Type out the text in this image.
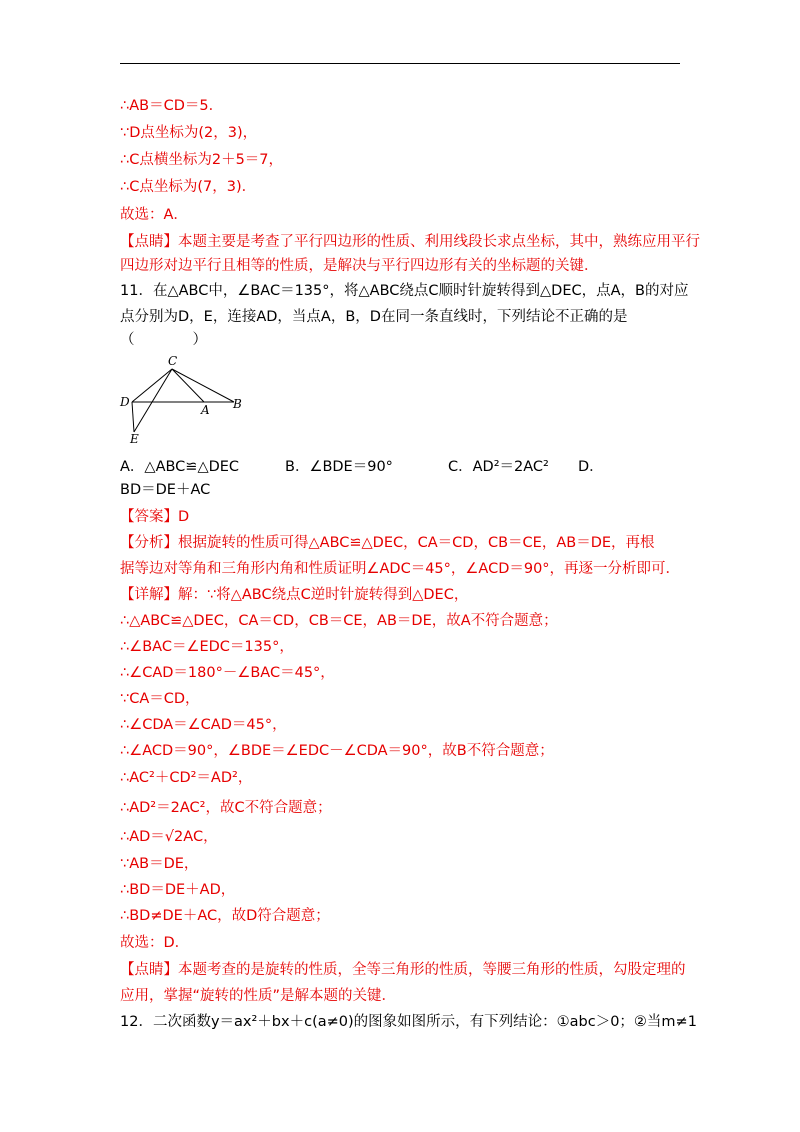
∴AB＝CD＝5．
∵D点坐标为(2，3)，
∴C点横坐标为2＋5＝7，
∴C点坐标为(7，3)．
故选：A．
【点睛】本题主要是考查了平行四边形的性质、利用线段长求点坐标，其中，熟练应用平行
四边形对边平行且相等的性质，是解决与平行四边形有关的坐标题的关键．
11．在△ABC中，∠BAC＝135°，将△ABC绕点C顺时针旋转得到△DEC，点A，B的对应
点分别为D，E，连接AD，当点A，B，D在同一条直线时，下列结论不正确的是
（　　　　）
C
D
A B
E
A．△ABC≌△DEC	B．∠BDE＝90°	C．AD²＝2AC² D．
BD＝DE＋AC
【答案】D
【分析】根据旋转的性质可得△ABC≌△DEC，CA＝CD，CB＝CE，AB＝DE，再根
据等边对等角和三角形内角和性质证明∠ADC＝45°，∠ACD＝90°，再逐一分析即可．
【详解】解：∵将△ABC绕点C逆时针旋转得到△DEC，
∴△ABC≌△DEC，CA＝CD，CB＝CE，AB＝DE，故A不符合题意；
∴∠BAC＝∠EDC＝135°，
∴∠CAD＝180°－∠BAC＝45°，
∵CA＝CD，
∴∠CDA＝∠CAD＝45°，
∴∠ACD＝90°，∠BDE＝∠EDC－∠CDA＝90°，故B不符合题意；
∴AC²＋CD²＝AD²，
∴AD²＝2AC²，故C不符合题意；
∴AD＝√2AC，
∵AB＝DE，
∴BD＝DE＋AD，
∴BD≠DE＋AC，故D符合题意；
故选：D．
【点睛】本题考查的是旋转的性质，全等三角形的性质，等腰三角形的性质，勾股定理的
应用，掌握“旋转的性质”是解本题的关键．
12．二次函数y＝ax²＋bx＋c(a≠0)的图象如图所示，有下列结论：①abc＞0；②当m≠1
